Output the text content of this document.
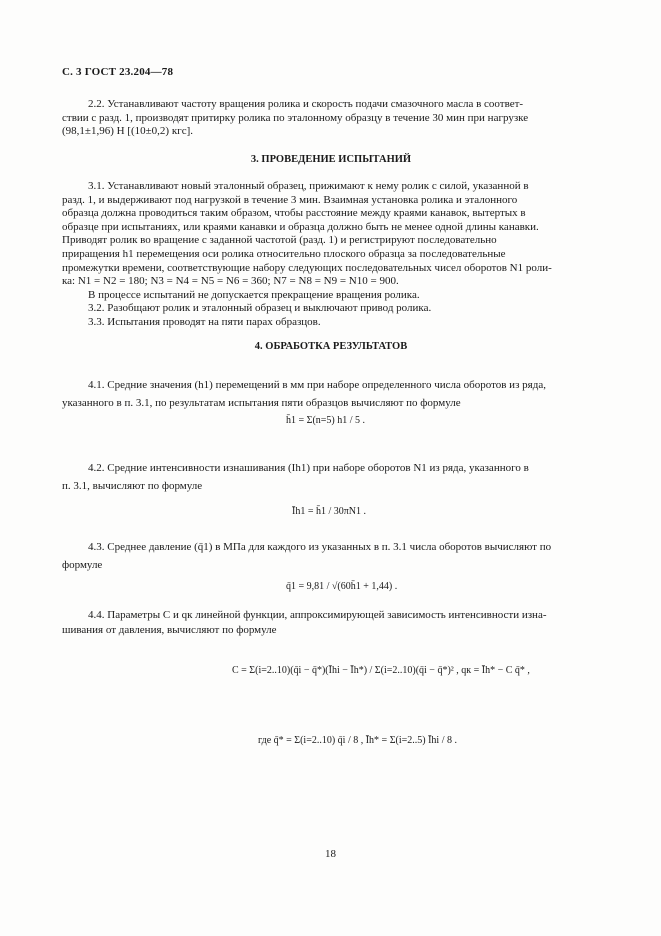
С. 3 ГОСТ 23.204—78
2.2. Устанавливают частоту вращения ролика и скорость подачи смазочного масла в соответ-
ствии с разд. 1, производят притирку ролика по эталонному образцу в течение 30 мин при нагрузке
(98,1±1,96) Н [(10±0,2) кгс].
3. ПРОВЕДЕНИЕ ИСПЫТАНИЙ
3.1. Устанавливают новый эталонный образец, прижимают к нему ролик с силой, указанной в
разд. 1, и выдерживают под нагрузкой в течение 3 мин. Взаимная установка ролика и эталонного
образца должна проводиться таким образом, чтобы расстояние между краями канавок, вытертых в
образце при испытаниях, или краями канавки и образца должно быть не менее одной длины канавки.
Приводят ролик во вращение с заданной частотой (разд. 1) и регистрируют последовательно
приращения h1 перемещения оси ролика относительно плоского образца за последовательные
промежутки времени, соответствующие набору следующих последовательных чисел оборотов N1 роли-
ка: N1 = N2 = 180; N3 = N4 = N5 = N6 = 360; N7 = N8 = N9 = N10 = 900.
В процессе испытаний не допускается прекращение вращения ролика.
3.2. Разобщают ролик и эталонный образец и выключают привод ролика.
3.3. Испытания проводят на пяти парах образцов.
4. ОБРАБОТКА РЕЗУЛЬТАТОВ
4.1. Средние значения (h1) перемещений в мм при наборе определенного числа оборотов из ряда,
указанного в п. 3.1, по результатам испытания пяти образцов вычисляют по формуле
h̄1 = Σ(n=5) h1 / 5 .
4.2. Средние интенсивности изнашивания (Ih1) при наборе оборотов N1 из ряда, указанного в
п. 3.1, вычисляют по формуле
Īh1 = h̄1 / 30πN1 .
4.3. Среднее давление (q̄1) в МПа для каждого из указанных в п. 3.1 числа оборотов вычисляют по
формуле
q̄1 = 9,81 / √(60h̄1 + 1,44) .
4.4. Параметры C и qк линейной функции, аппроксимирующей зависимость интенсивности изна-
шивания от давления, вычисляют по формуле
C = Σ(i=2..10)(q̄i − q̄*)(Īhi − Īh*) / Σ(i=2..10)(q̄i − q̄*)² , qк = Īh* − C q̄* ,
где q̄* = Σ(i=2..10) q̄i / 8 , Īh* = Σ(i=2..5) Īhi / 8 .
18
